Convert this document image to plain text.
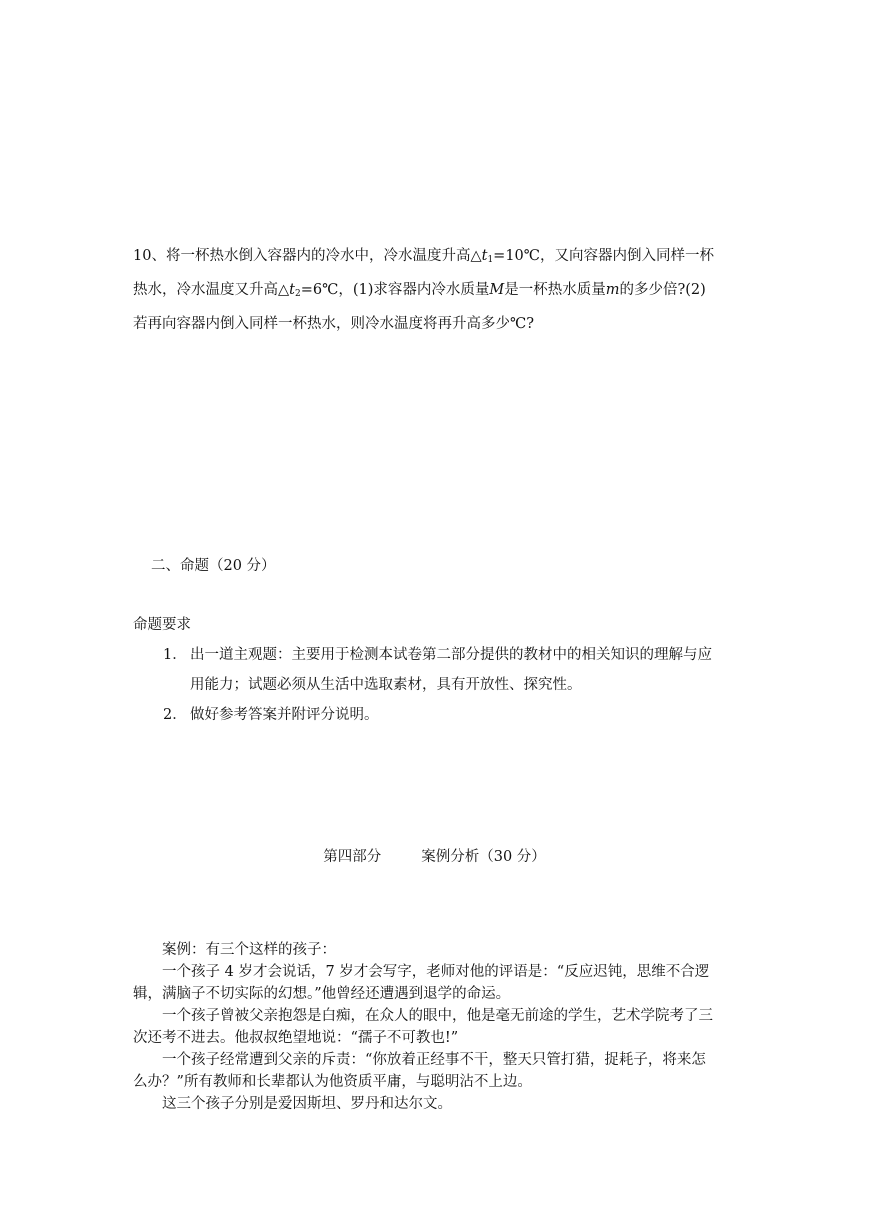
10、将一杯热水倒入容器内的冷水中，冷水温度升高$\triangle t_1=10℃$，又向容器内倒入同样一杯
热水，冷水温度又升高$\triangle t_2=6℃$，(1)求容器内冷水质量M是一杯热水质量m的多少倍?(2)
若再向容器内倒入同样一杯热水，则冷水温度将再升高多少℃?
二、命题（20 分）
命题要求
1． 出一道主观题：主要用于检测本试卷第二部分提供的教材中的相关知识的理解与应
用能力；试题必须从生活中选取素材，具有开放性、探究性。
2． 做好参考答案并附评分说明。
第四部分	案例分析（30 分）

案例：有三个这样的孩子：

一个孩子 4 岁才会说话，7 岁才会写字，老师对他的评语是：“反应迟钝，思维不合逻

辑，满脑子不切实际的幻想。”他曾经还遭遇到退学的命运。

一个孩子曾被父亲抱怨是白痴，在众人的眼中，他是毫无前途的学生，艺术学院考了三

次还考不进去。他叔叔绝望地说：“孺子不可教也!”

一个孩子经常遭到父亲的斥责：“你放着正经事不干，整天只管打猎，捉耗子，将来怎

么办？”所有教师和长辈都认为他资质平庸，与聪明沾不上边。

这三个孩子分别是爱因斯坦、罗丹和达尔文。
